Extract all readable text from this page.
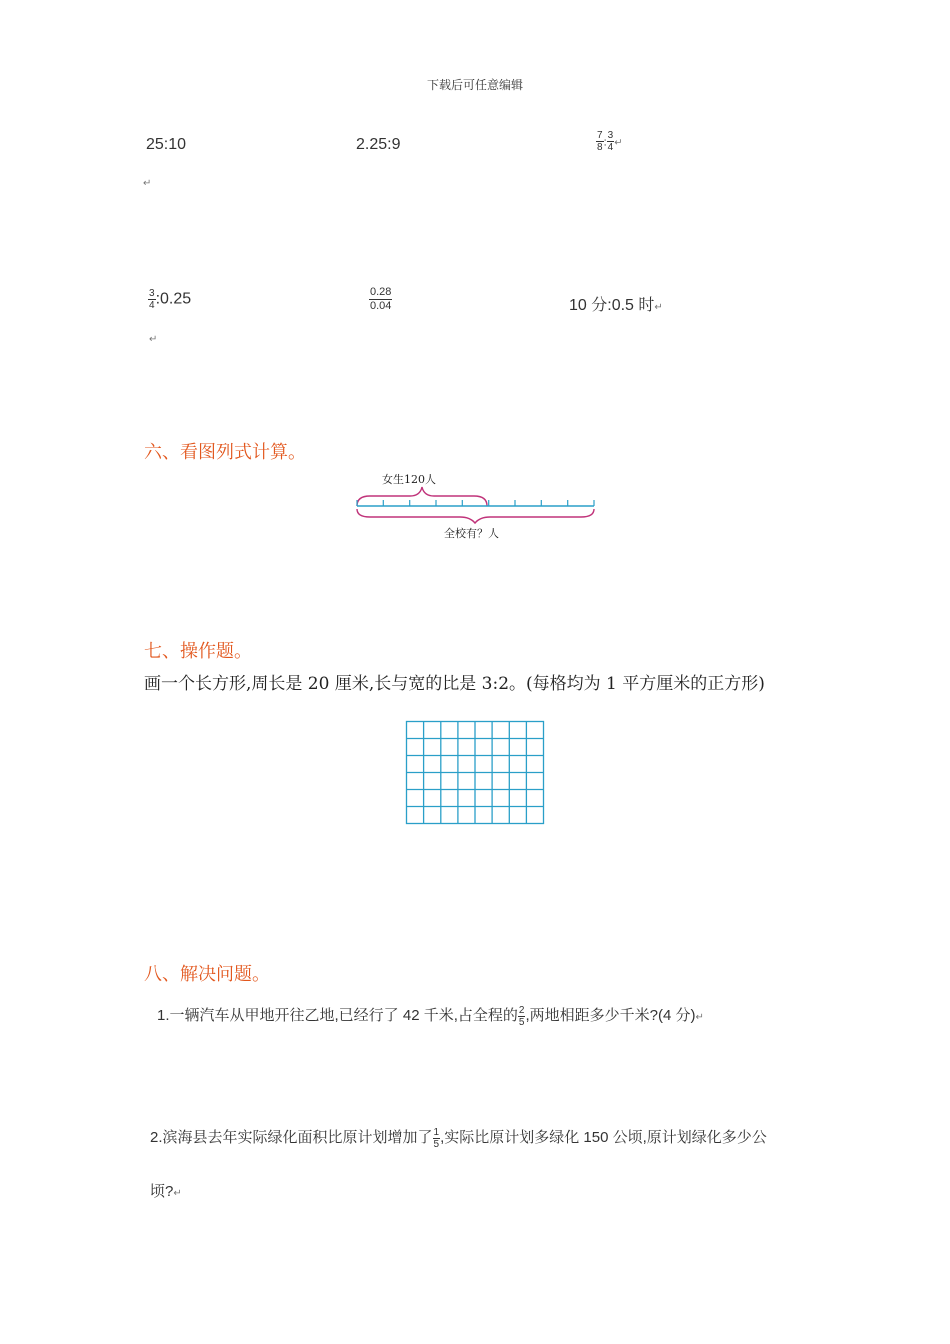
下载后可任意编辑
25:10	2.25:9	$\frac{7}{8}$ : $\frac{3}{4}$ ↵
↵
$\frac{3}{4}$ :0.25	$\frac{0.28}{0.04}$	10 分:0.5 时↵
↵
六、看图列式计算。
女生120人
全校有？人
七、操作题。
画一个长方形,周长是 20 厘米,长与宽的比是 3:2。(每格均为 1 平方厘米的正方形)
八、解决问题。
1.一辆汽车从甲地开往乙地,已经行了 42 千米,占全程的 $\frac{2}{5}$ ,两地相距多少千米?(4 分)↵
2.滨海县去年实际绿化面积比原计划增加了 $\frac{1}{5}$ ,实际比原计划多绿化 150 公顷,原计划绿化多少公
顷?↵
